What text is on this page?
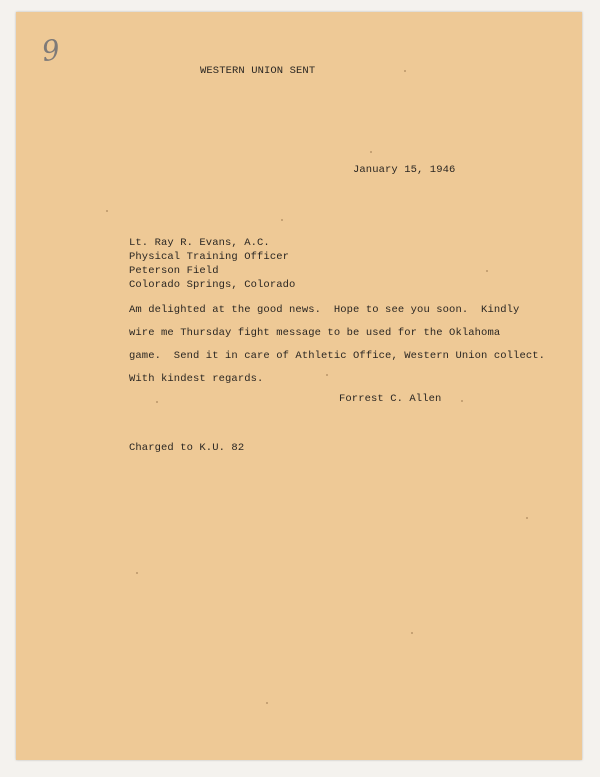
9
WESTERN UNION SENT
January 15, 1946
Lt. Ray R. Evans, A.C.
Physical Training Officer
Peterson Field
Colorado Springs, Colorado
Am delighted at the good news.  Hope to see you soon.  Kindly
wire me Thursday fight message to be used for the Oklahoma
game.  Send it in care of Athletic Office, Western Union collect.
With kindest regards.
Forrest C. Allen
Charged to K.U. 82
